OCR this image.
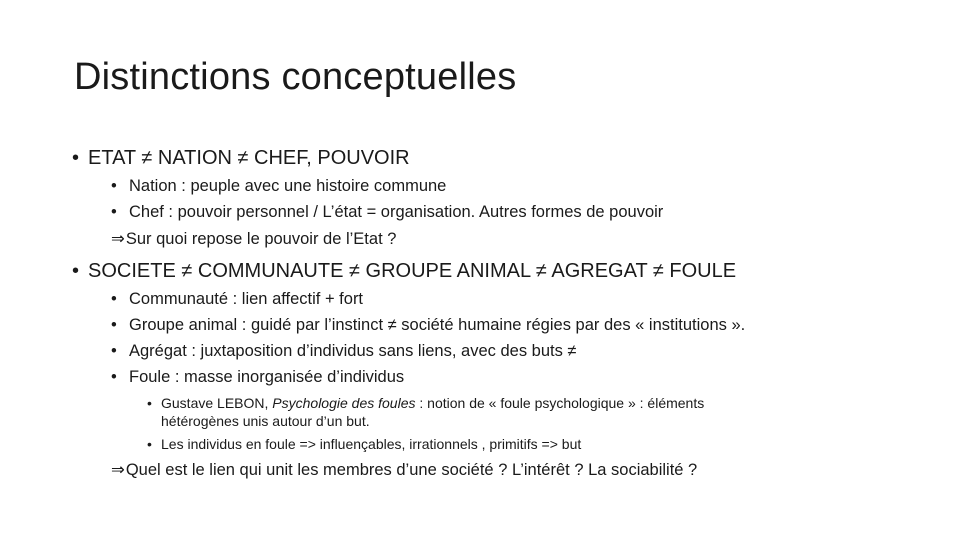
Distinctions conceptuelles
• ETAT ≠ NATION ≠ CHEF, POUVOIR
• Nation : peuple avec une histoire commune
• Chef : pouvoir personnel / L’état = organisation. Autres formes de pouvoir
⇒Sur quoi repose le pouvoir de l’Etat ?
• SOCIETE ≠ COMMUNAUTE ≠ GROUPE ANIMAL ≠ AGREGAT ≠ FOULE
• Communauté : lien affectif + fort
• Groupe animal : guidé par l’instinct ≠ société humaine régies par des « institutions ».
• Agrégat : juxtaposition d’individus sans liens, avec des buts ≠
• Foule : masse inorganisée d’individus
• Gustave LEBON, Psychologie des foules : notion de « foule psychologique » : éléments
hétérogènes unis autour d’un but.
• Les individus en foule => influençables, irrationnels , primitifs => but
⇒Quel est le lien qui unit les membres d’une société ? L’intérêt ? La sociabilité ?
